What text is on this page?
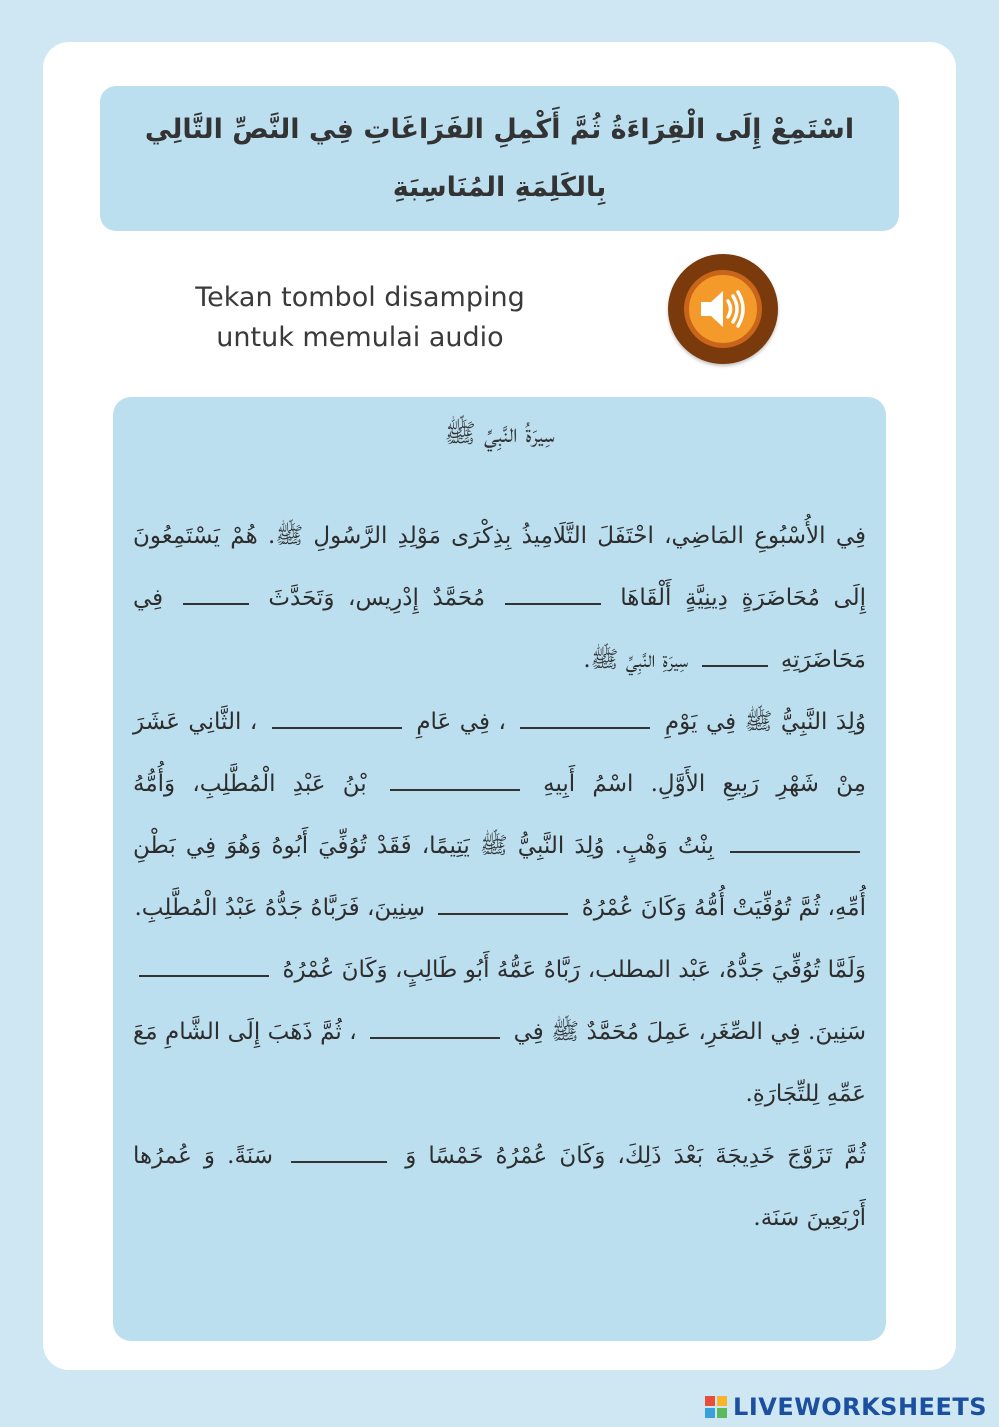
اسْتَمِعْ إِلَى الْقِرَاءَةُ ثُمَّ أَكْمِلِ الفَرَاغَاتِ فِي النَّصِّ التَّالِي بِالكَلِمَةِ المُنَاسِبَةِ
Tekan tombol disamping
untuk memulai audio
سِيرَةُ النَّبِيِّ ﷺ

فِي الأُسْبُوعِ المَاضِي، احْتَفَلَ التَّلَامِيذُ بِذِكْرَى مَوْلِدِ الرَّسُولِ ﷺ. هُمْ يَسْتَمِعُونَ إِلَى مُحَاضَرَةٍ دِينِيَّةٍ أَلْقَاهَا  مُحَمَّدٌ إِدْرِيس، وَتَحَدَّثَ  فِي مَحَاضَرَتِهِ  سِيرَةِ النَّبِيِّ ﷺ.

وُلِدَ النَّبِيُّ ﷺ فِي يَوْمِ  ، فِي عَامِ  ، الثَّانِي عَشَرَ مِنْ شَهْرِ رَبِيعِ الأَوَّلِ. اسْمُ أَبِيهِ  بْنُ عَبْدِ الْمُطَّلِبِ، وَأُمُّهُ  بِنْتُ وَهْبٍ. وُلِدَ النَّبِيُّ ﷺ يَتِيمًا، فَقَدْ تُوُفِّيَ أَبُوهُ وَهُوَ فِي بَطْنِ أُمِّهِ، ثُمَّ تُوُفِّيَتْ أُمُّهُ وَكَانَ عُمْرُهُ  سِنِينَ، فَرَبَّاهُ جَدُّهُ عَبْدُ الْمُطَّلِبِ.

وَلَمَّا تُوُفِّيَ جَدُّهُ، عَبْد المطلب، رَبَّاهُ عَمُّهُ أَبُو طَالِبٍ، وَكَانَ عُمْرُهُ  سَنِينَ. فِي الصِّغَرِ، عَمِلَ مُحَمَّدٌ ﷺ فِي  ، ثُمَّ ذَهَبَ إِلَى الشَّامِ مَعَ عَمِّهِ لِلتِّجَارَةِ.

ثُمَّ تَزَوَّجَ خَدِيجَةَ بَعْدَ ذَلِكَ، وَكَانَ عُمْرُهُ خَمْسًا وَ  سَنَةً. وَ عُمرُها أَرْبَعِينَ سَنَة.

LIVEWORKSHEETS
